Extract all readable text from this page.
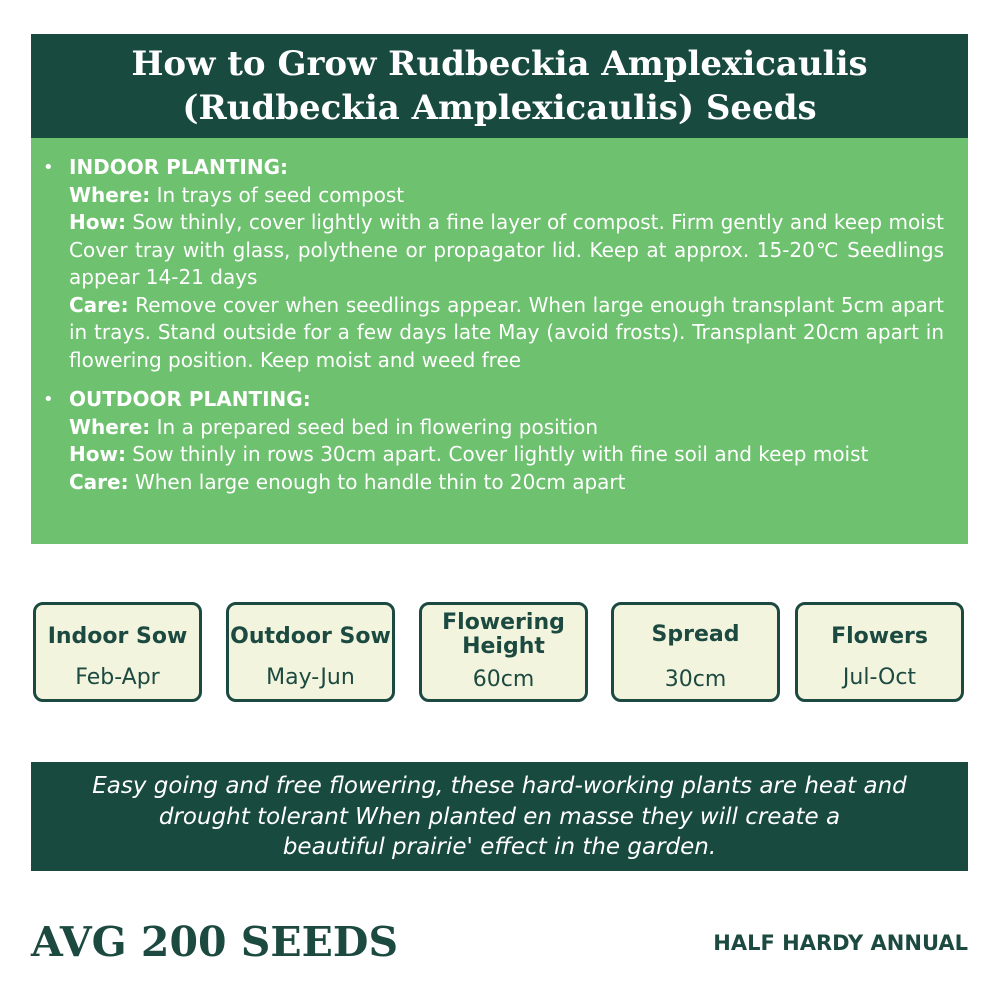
How to Grow Rudbeckia Amplexicaulis
(Rudbeckia Amplexicaulis) Seeds
• INDOOR PLANTING:
Where: In trays of seed compost
How: Sow thinly, cover lightly with a fine layer of compost. Firm gently and keep moist Cover tray with glass, polythene or propagator lid. Keep at approx. 15-20℃ Seedlings appear 14-21 days
Care: Remove cover when seedlings appear. When large enough transplant 5cm apart in trays. Stand outside for a few days late May (avoid frosts). Transplant 20cm apart in flowering position. Keep moist and weed free
• OUTDOOR PLANTING:
Where: In a prepared seed bed in flowering position
How: Sow thinly in rows 30cm apart. Cover lightly with fine soil and keep moist
Care: When large enough to handle thin to 20cm apart
Indoor Sow
Feb-Apr
Outdoor Sow
May-Jun
Flowering
Height
60cm
Spread
30cm
Flowers
Jul-Oct
Easy going and free flowering, these hard-working plants are heat and
drought tolerant When planted en masse they will create a
beautiful prairie' effect in the garden.
AVG 200 SEEDS	HALF HARDY ANNUAL
